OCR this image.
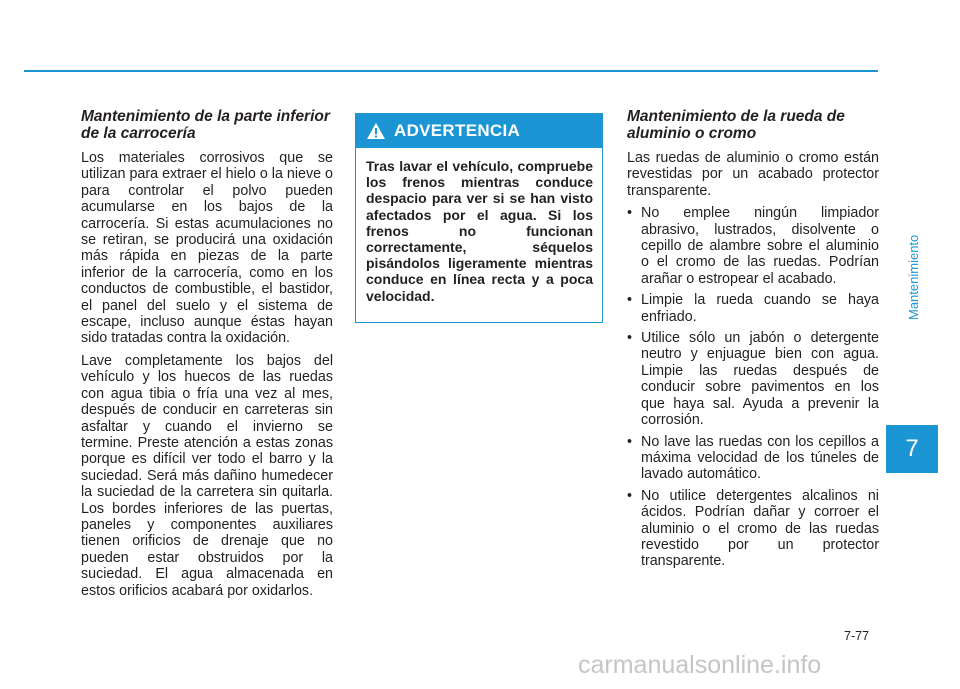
Mantenimiento de la parte inferior de la carrocería

Los materiales corrosivos que se utilizan para extraer el hielo o la nieve o para controlar el polvo pueden acumularse en los bajos de la carrocería. Si estas acumulaciones no se retiran, se producirá una oxidación más rápida en piezas de la parte inferior de la carrocería, como en los conductos de combustible, el bastidor, el panel del suelo y el sistema de escape, incluso aunque éstas hayan sido tratadas contra la oxidación.

Lave completamente los bajos del vehículo y los huecos de las ruedas con agua tibia o fría una vez al mes, después de conducir en carreteras sin asfaltar y cuando el invierno se termine. Preste atención a estas zonas porque es difícil ver todo el barro y la suciedad. Será más dañino humedecer la suciedad de la carretera sin quitarla. Los bordes inferiores de las puertas, paneles y componentes auxiliares tienen orificios de drenaje que no pueden estar obstruidos por la suciedad. El agua almacenada en estos orificios acabará por oxidarlos.

ADVERTENCIA
Tras lavar el vehículo, compruebe los frenos mientras conduce despacio para ver si se han visto afectados por el agua. Si los frenos no funcionan correctamente, séquelos pisándolos ligeramente mientras conduce en línea recta y a poca velocidad.
Mantenimiento de la rueda de aluminio o cromo

Las ruedas de aluminio o cromo están revestidas por un acabado protector transparente.

• No emplee ningún limpiador abrasivo, lustrados, disolvente o cepillo de alambre sobre el aluminio o el cromo de las ruedas. Podrían arañar o estropear el acabado.
• Limpie la rueda cuando se haya enfriado.
• Utilice sólo un jabón o detergente neutro y enjuague bien con agua. Limpie las ruedas después de conducir sobre pavimentos en los que haya sal. Ayuda a prevenir la corrosión.
• No lave las ruedas con los cepillos a máxima velocidad de los túneles de lavado automático.
• No utilice detergentes alcalinos ni ácidos. Podrían dañar y corroer el aluminio o el cromo de las ruedas revestido por un protector transparente.
Mantenimiento
7
7-77
carmanualsonline.info
